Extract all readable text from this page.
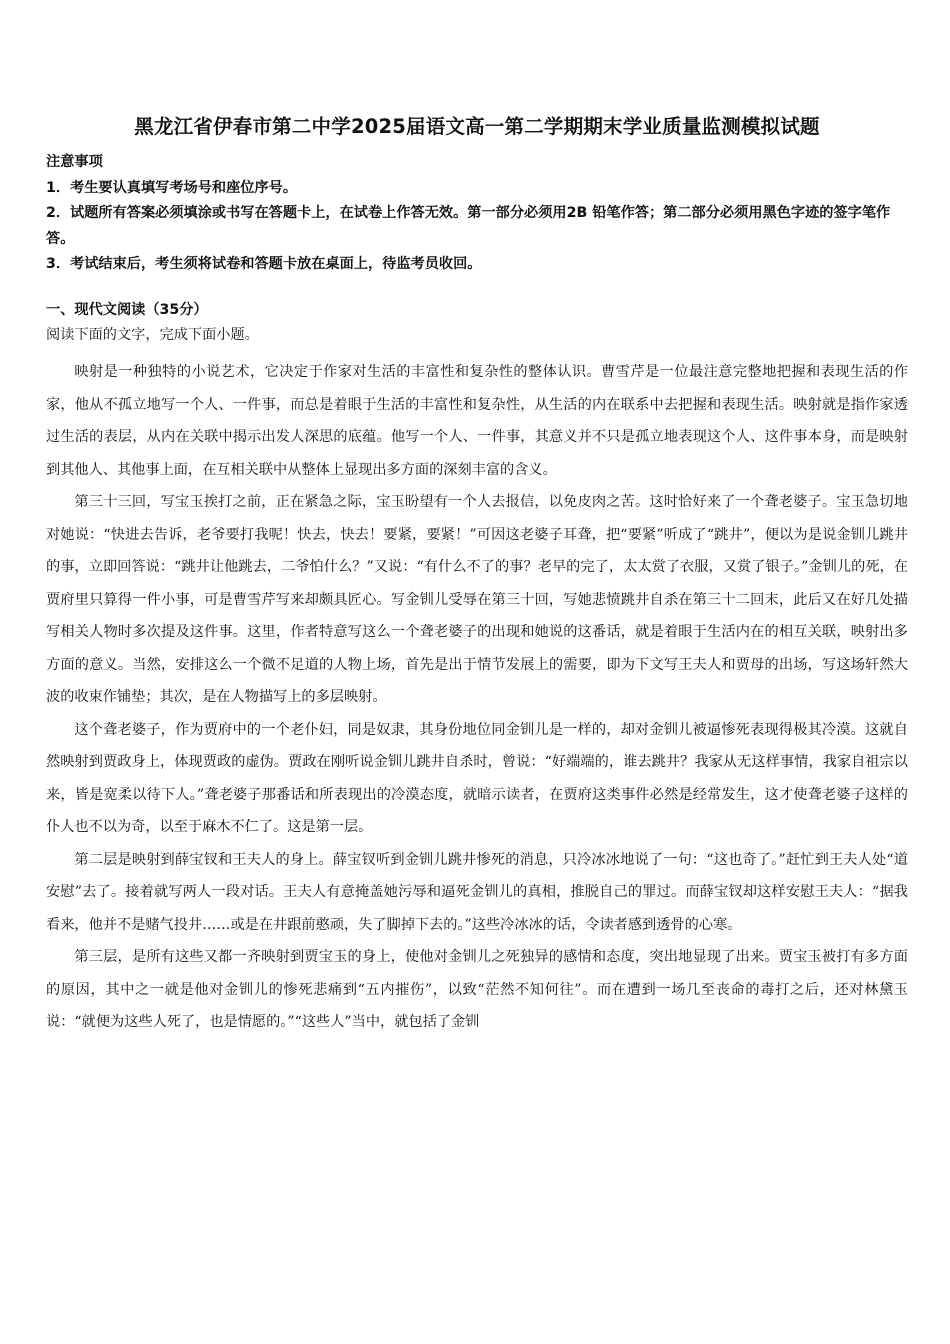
黑龙江省伊春市第二中学2025届语文高一第二学期期末学业质量监测模拟试题

注意事项

1．考生要认真填写考场号和座位序号。

2．试题所有答案必须填涂或书写在答题卡上，在试卷上作答无效。第一部分必须用2B 铅笔作答；第二部分必须用黑色字迹的签字笔作答。

3．考试结束后，考生须将试卷和答题卡放在桌面上，待监考员收回。

一、现代文阅读（35分）

阅读下面的文字，完成下面小题。

映射是一种独特的小说艺术，它决定于作家对生活的丰富性和复杂性的整体认识。曹雪芹是一位最注意完整地把握和表现生活的作家，他从不孤立地写一个人、一件事，而总是着眼于生活的丰富性和复杂性，从生活的内在联系中去把握和表现生活。映射就是指作家透过生活的表层，从内在关联中揭示出发人深思的底蕴。他写一个人、一件事，其意义并不只是孤立地表现这个人、这件事本身，而是映射到其他人、其他事上面，在互相关联中从整体上显现出多方面的深刻丰富的含义。

第三十三回，写宝玉挨打之前，正在紧急之际，宝玉盼望有一个人去报信，以免皮肉之苦。这时恰好来了一个聋老婆子。宝玉急切地对她说：“快进去告诉，老爷要打我呢！快去，快去！要紧，要紧！”可因这老婆子耳聋，把“要紧”听成了“跳井”，便以为是说金钏儿跳井的事，立即回答说：“跳井让他跳去，二爷怕什么？”又说：“有什么不了的事？老早的完了，太太赏了衣服，又赏了银子。”金钏儿的死，在贾府里只算得一件小事，可是曹雪芹写来却颇具匠心。写金钏儿受辱在第三十回，写她悲愤跳井自杀在第三十二回末，此后又在好几处描写相关人物时多次提及这件事。这里，作者特意写这么一个聋老婆子的出现和她说的这番话，就是着眼于生活内在的相互关联，映射出多方面的意义。当然，安排这么一个微不足道的人物上场，首先是出于情节发展上的需要，即为下文写王夫人和贾母的出场，写这场轩然大波的收束作铺垫；其次，是在人物描写上的多层映射。

这个聋老婆子，作为贾府中的一个老仆妇，同是奴隶，其身份地位同金钏儿是一样的，却对金钏儿被逼惨死表现得极其冷漠。这就自然映射到贾政身上，体现贾政的虚伪。贾政在刚听说金钏儿跳井自杀时，曾说：“好端端的，谁去跳井？我家从无这样事情，我家自祖宗以来，皆是宽柔以待下人。”聋老婆子那番话和所表现出的冷漠态度，就暗示读者，在贾府这类事件必然是经常发生，这才使聋老婆子这样的仆人也不以为奇，以至于麻木不仁了。这是第一层。

第二层是映射到薛宝钗和王夫人的身上。薛宝钗听到金钏儿跳井惨死的消息，只冷冰冰地说了一句：“这也奇了。”赶忙到王夫人处“道安慰”去了。接着就写两人一段对话。王夫人有意掩盖她污辱和逼死金钏儿的真相，推脱自己的罪过。而薛宝钗却这样安慰王夫人：“据我看来，他并不是赌气投井……或是在井跟前憨顽，失了脚掉下去的。”这些冷冰冰的话，令读者感到透骨的心寒。

第三层，是所有这些又都一齐映射到贾宝玉的身上，使他对金钏儿之死独异的感情和态度，突出地显现了出来。贾宝玉被打有多方面的原因，其中之一就是他对金钏儿的惨死悲痛到“五内摧伤”，以致“茫然不知何往”。而在遭到一场几至丧命的毒打之后，还对林黛玉说：“就便为这些人死了，也是情愿的。”“这些人”当中，就包括了金钏
